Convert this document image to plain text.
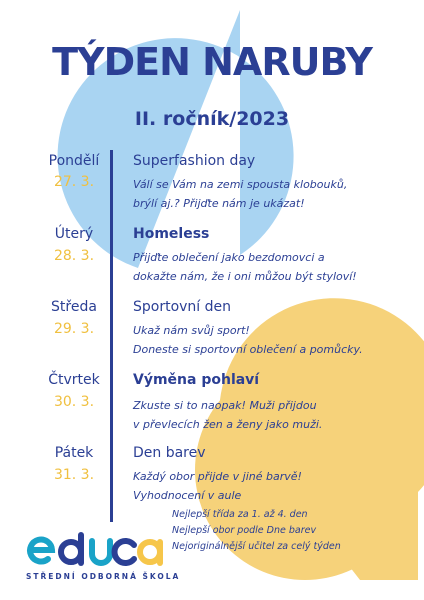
TÝDEN NARUBY
II. ročník/2023
Pondělí
27. 3.
Superfashion day
Válí se Vám na zemi spousta klobouků,
brýlí aj.? Přijďte nám je ukázat!
Úterý
28. 3.
Homeless
Přijďte oblečení jako bezdomovci a
dokažte nám, že i oni můžou být styloví!
Středa
29. 3.
Sportovní den
Ukaž nám svůj sport!
Doneste si sportovní oblečení a pomůcky.
Čtvrtek
30. 3.
Výměna pohlaví
Zkuste si to naopak! Muži přijdou
v převlecích žen a ženy jako muži.
Pátek
31. 3.
Den barev
Každý obor přijde v jiné barvě!
Vyhodnocení v aule
Nejlepší třída za 1. až 4. den
Nejlepší obor podle Dne barev
Nejoriginálnější učitel za celý týden
STŘEDNÍ ODBORNÁ ŠKOLA
